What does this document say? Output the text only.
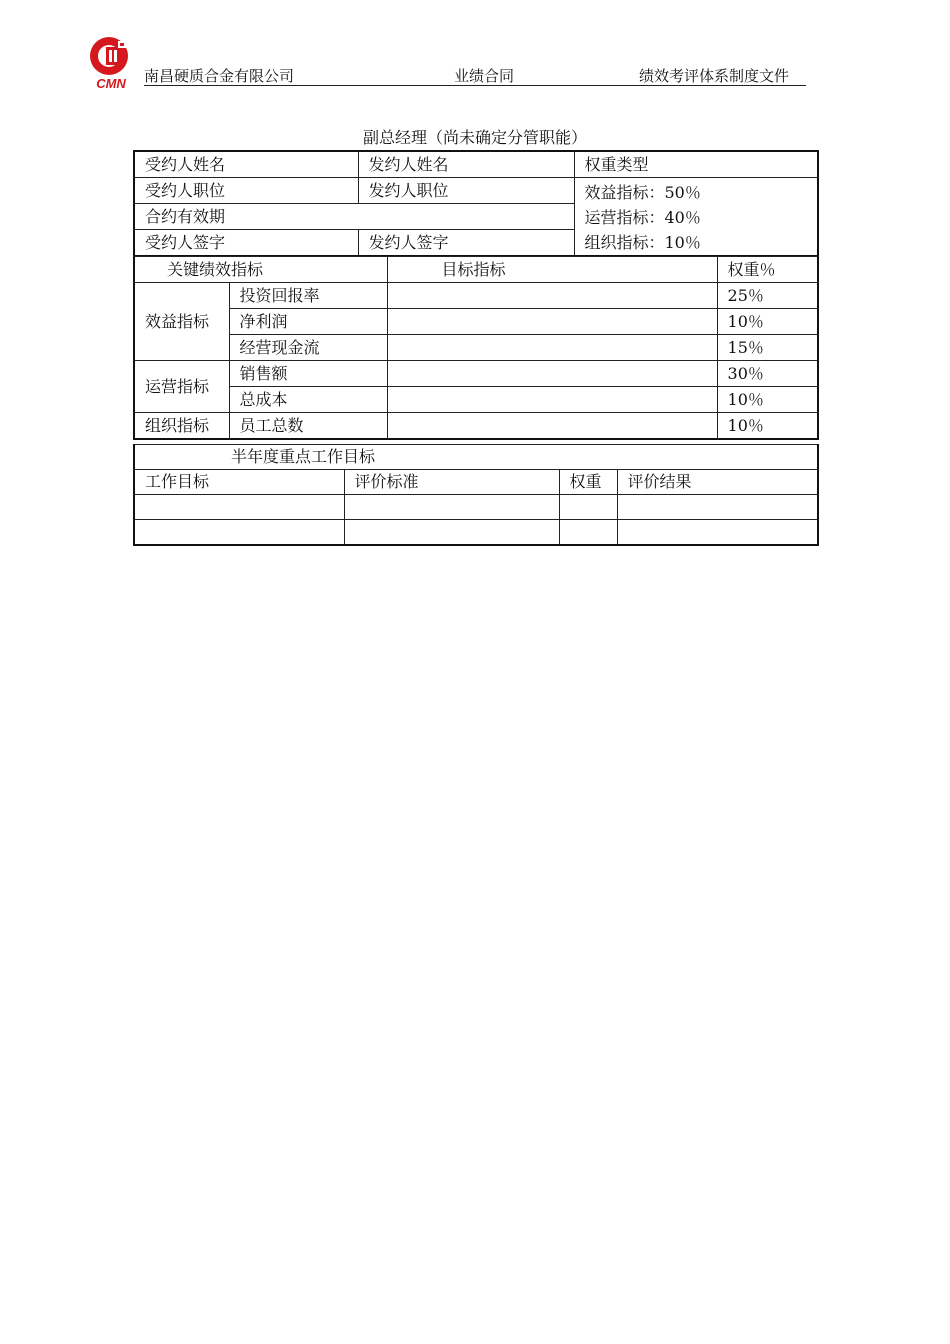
CMN	南昌硬质合金有限公司	业绩合同	绩效考评体系制度文件
副总经理（尚未确定分管职能）
受约人姓名	发约人姓名	权重类型
受约人职位	发约人职位	效益指标：50％
运营指标：40％
组织指标：10％

合约有效期		
受约人签字	发约人签字	
关键绩效指标		目标指标	权重％
效益指标	投资回报率		25％
	净利润		10％
	经营现金流		15％
运营指标	销售额		30％
	总成本		10％
组织指标	员工总数		10％
半年度重点工作目标			
工作目标	评价标准	权重	评价结果
